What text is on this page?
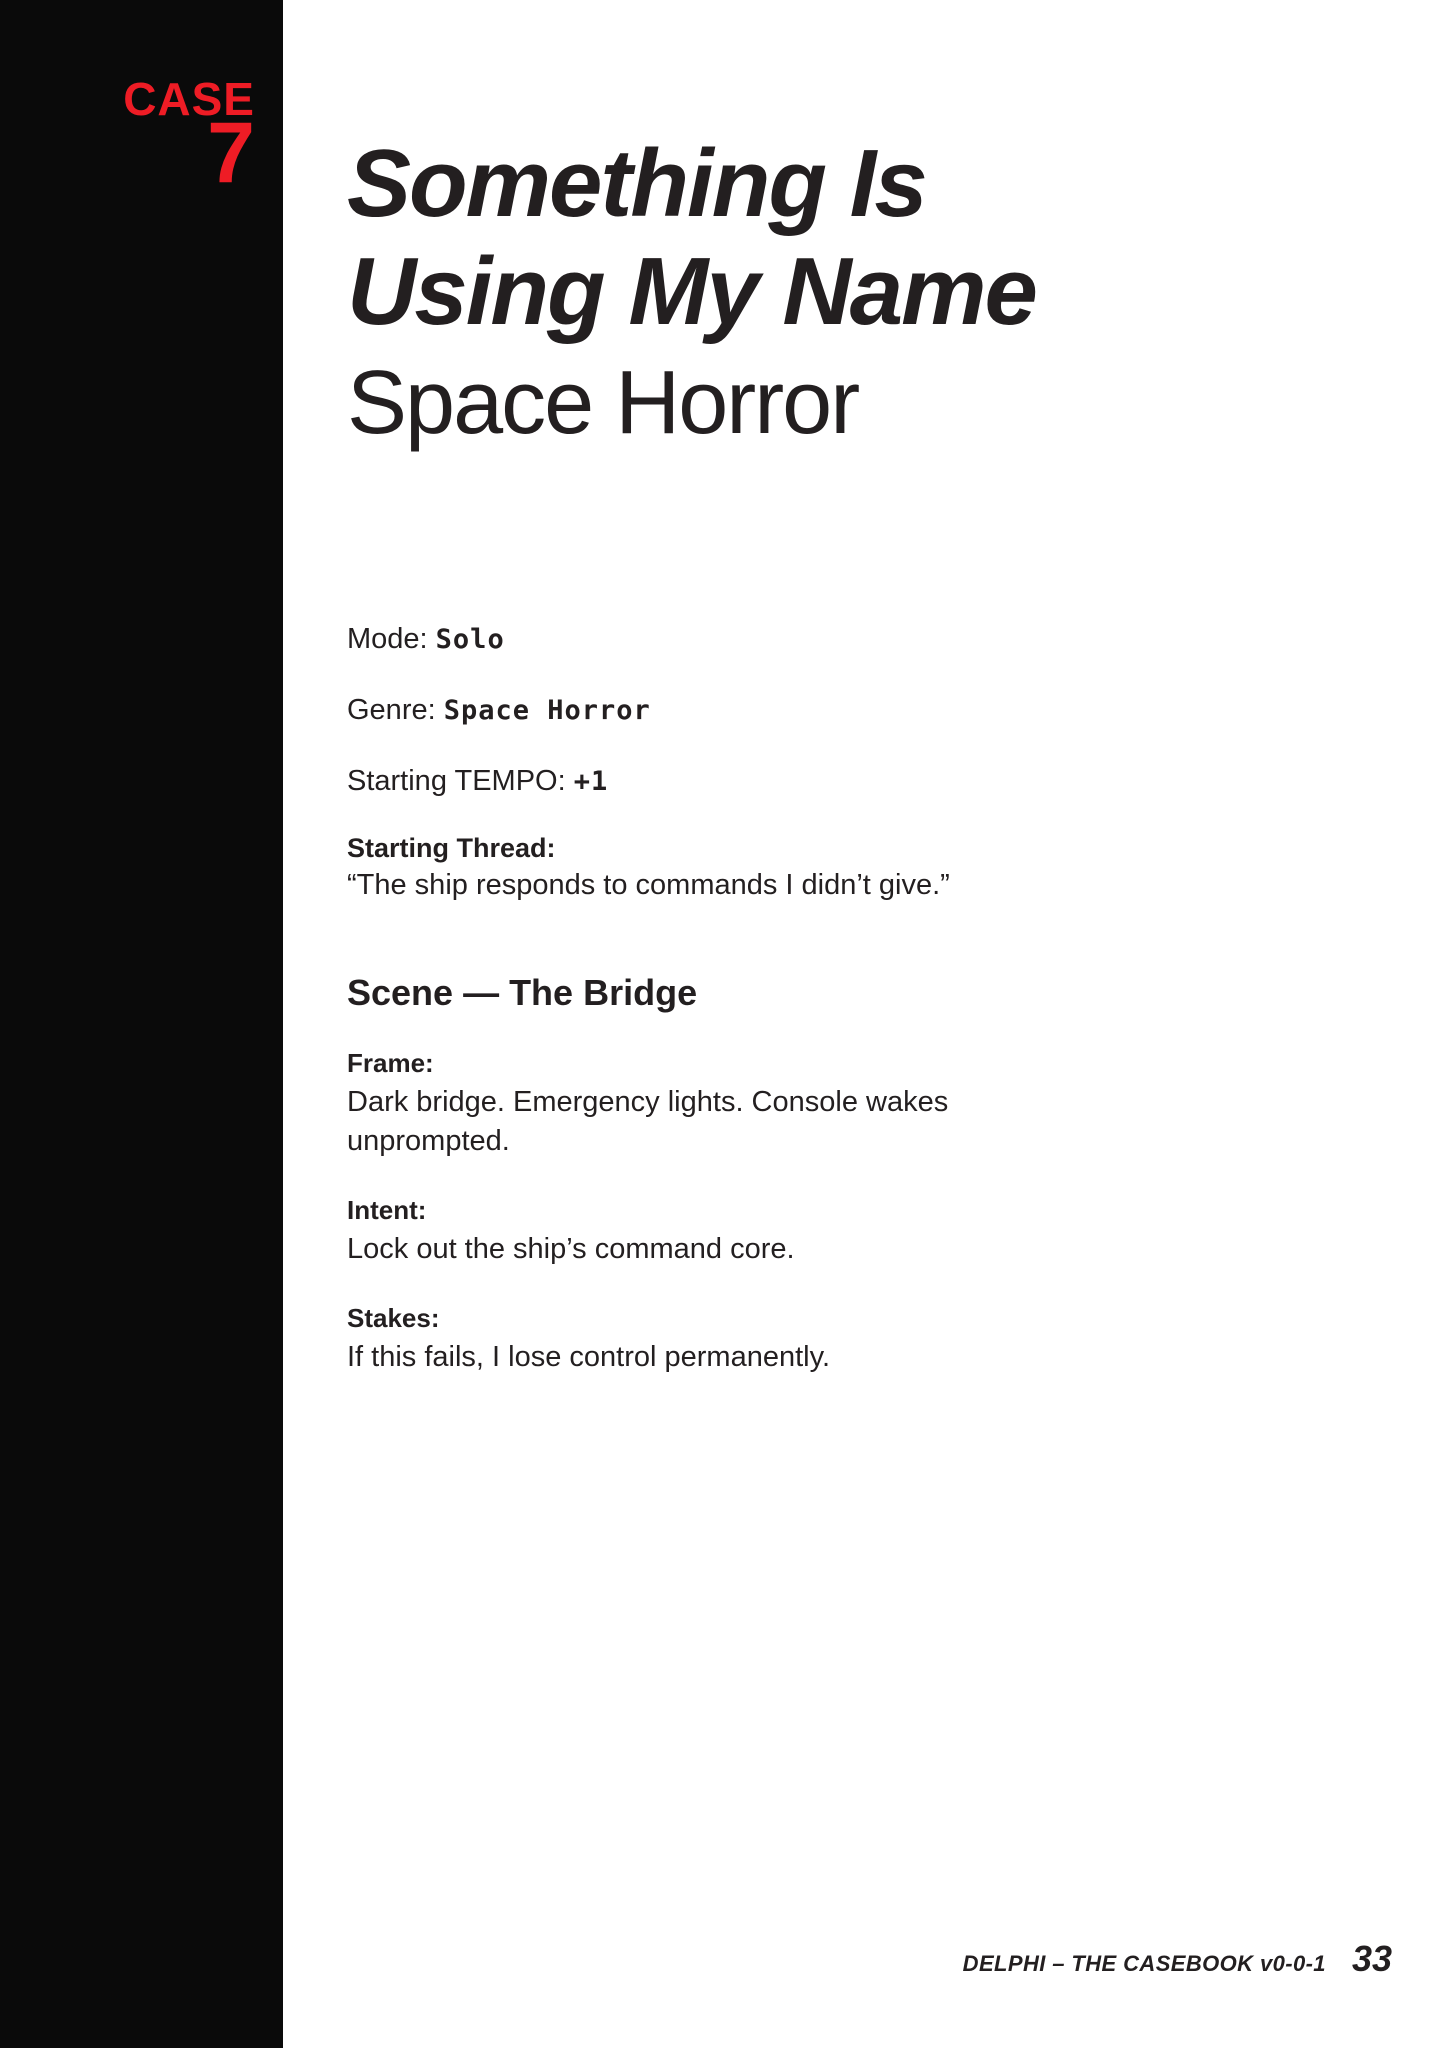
CASE
7 Something Is
Using My Name
Space Horror
Mode: Solo
Genre: Space Horror
Starting TEMPO: +1
Starting Thread:
“The ship responds to commands I didn’t give.”
Scene — The Bridge
Frame:
Dark bridge. Emergency lights. Console wakes unprompted.
Intent:
Lock out the ship’s command core.
Stakes:
If this fails, I lose control permanently.
DELPHI – THE CASEBOOK v0-0-1 33
